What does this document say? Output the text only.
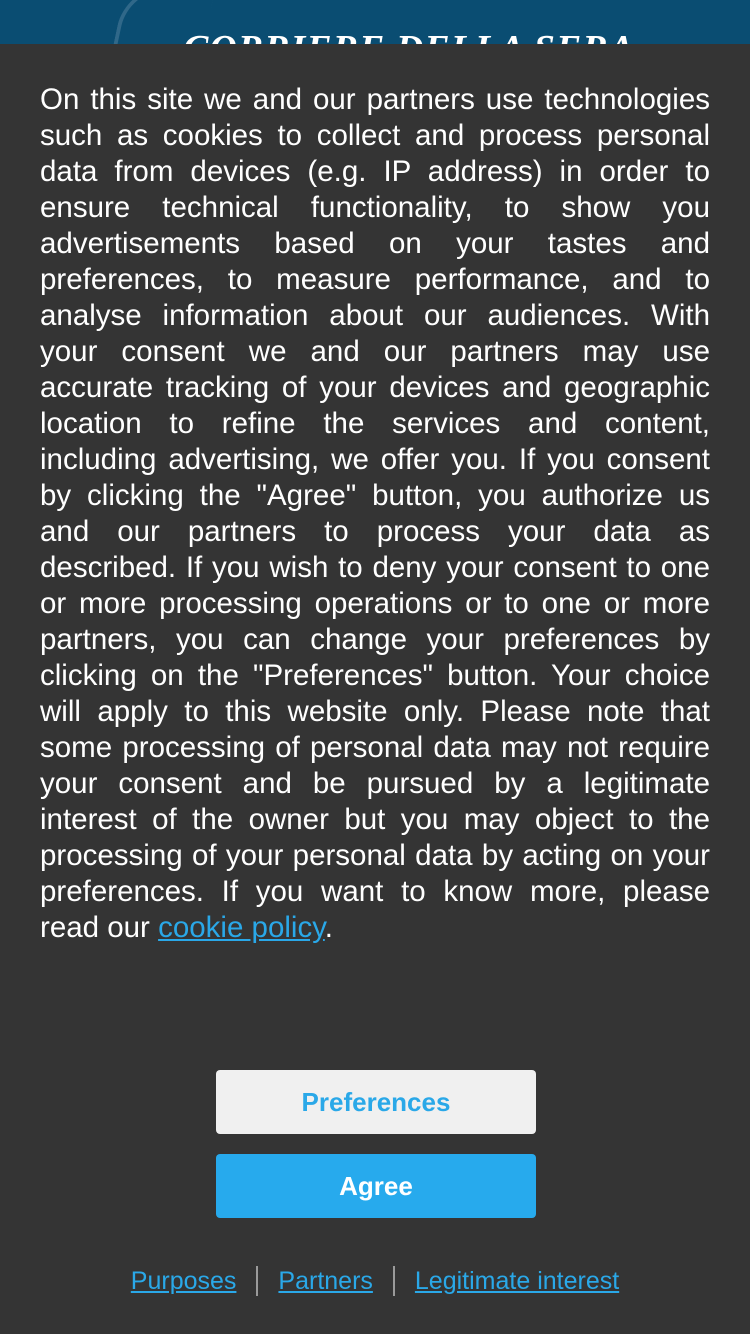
On this site we and our partners use technologies such as cookies to collect and process personal data from devices (e.g. IP address) in order to ensure technical functionality, to show you advertisements based on your tastes and preferences, to measure performance, and to analyse information about our audiences. With your consent we and our partners may use accurate tracking of your devices and geographic location to refine the services and content, including advertising, we offer you. If you consent by clicking the "Agree" button, you authorize us and our partners to process your data as described. If you wish to deny your consent to one or more processing operations or to one or more partners, you can change your preferences by clicking on the "Preferences" button. Your choice will apply to this website only. Please note that some processing of personal data may not require your consent and be pursued by a legitimate interest of the owner but you may object to the processing of your personal data by acting on your preferences. If you want to know more, please read our cookie policy.

Preferences
Agree
Purposes Partners Legitimate interest
